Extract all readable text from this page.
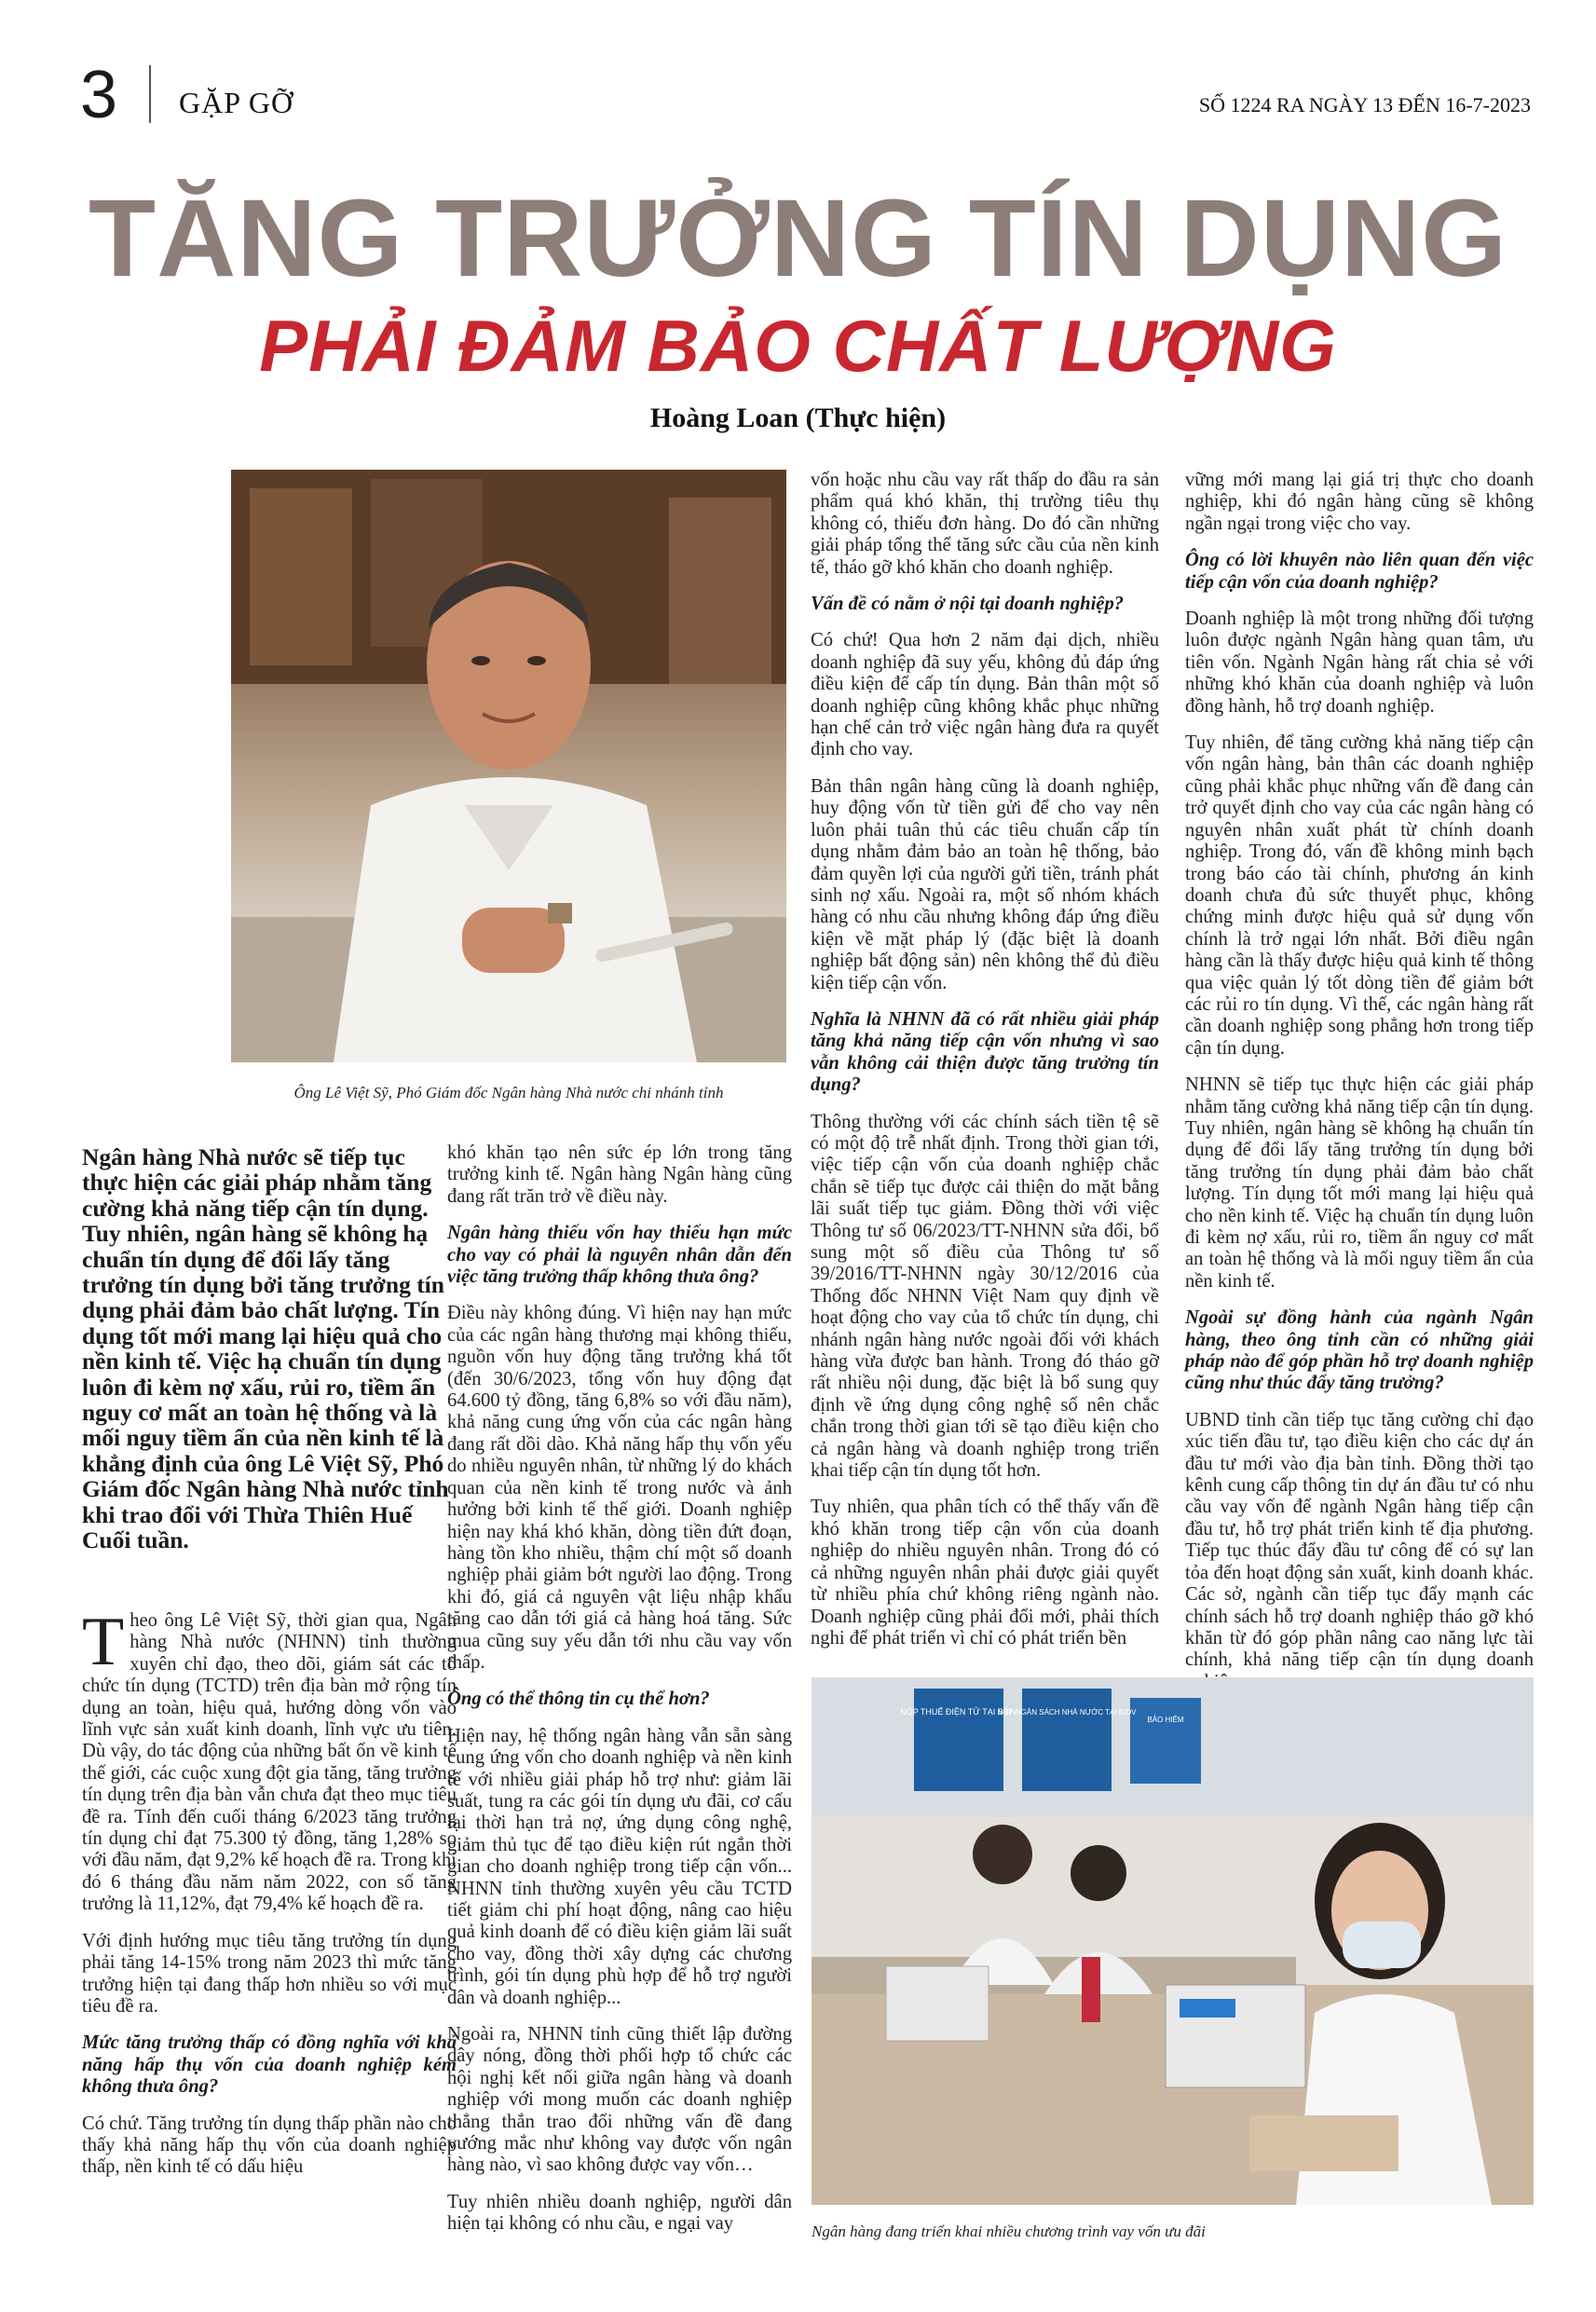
3 GẶP GỠ	SỐ 1224 RA NGÀY 13 ĐẾN 16-7-2023
TĂNG TRƯỞNG TÍN DỤNG
PHẢI ĐẢM BẢO CHẤT LƯỢNG
Hoàng Loan (Thực hiện)
Ông Lê Việt Sỹ, Phó Giám đốc Ngân hàng Nhà nước chi nhánh tỉnh
Ngân hàng Nhà nước sẽ tiếp tục thực hiện các giải pháp nhằm tăng cường khả năng tiếp cận tín dụng. Tuy nhiên, ngân hàng sẽ không hạ chuẩn tín dụng để đổi lấy tăng trưởng tín dụng bởi tăng trưởng tín dụng phải đảm bảo chất lượng. Tín dụng tốt mới mang lại hiệu quả cho nền kinh tế. Việc hạ chuẩn tín dụng luôn đi kèm nợ xấu, rủi ro, tiềm ẩn nguy cơ mất an toàn hệ thống và là mối nguy tiềm ẩn của nền kinh tế là khẳng định của ông Lê Việt Sỹ, Phó Giám đốc Ngân hàng Nhà nước tỉnh khi trao đổi với Thừa Thiên Huế Cuối tuần.

Theo ông Lê Việt Sỹ, thời gian qua, Ngân hàng Nhà nước (NHNN) tỉnh thường xuyên chỉ đạo, theo dõi, giám sát các tổ chức tín dụng (TCTD) trên địa bàn mở rộng tín dụng an toàn, hiệu quả, hướng dòng vốn vào lĩnh vực sản xuất kinh doanh, lĩnh vực ưu tiên. Dù vậy, do tác động của những bất ổn về kinh tế thế giới, các cuộc xung đột gia tăng, tăng trưởng tín dụng trên địa bàn vẫn chưa đạt theo mục tiêu đề ra. Tính đến cuối tháng 6/2023 tăng trưởng tín dụng chỉ đạt 75.300 tỷ đồng, tăng 1,28% so với đầu năm, đạt 9,2% kế hoạch đề ra. Trong khi đó 6 tháng đầu năm năm 2022, con số tăng trưởng là 11,12%, đạt 79,4% kế hoạch đề ra.

Với định hướng mục tiêu tăng trưởng tín dụng phải tăng 14-15% trong năm 2023 thì mức tăng trưởng hiện tại đang thấp hơn nhiều so với mục tiêu đề ra.

Mức tăng trưởng thấp có đồng nghĩa với khả năng hấp thụ vốn của doanh nghiệp kém không thưa ông?

Có chứ. Tăng trưởng tín dụng thấp phần nào cho thấy khả năng hấp thụ vốn của doanh nghiệp thấp, nền kinh tế có dấu hiệu

khó khăn tạo nên sức ép lớn trong tăng trưởng kinh tế. Ngân hàng Ngân hàng cũng đang rất trăn trở về điều này.

Ngân hàng thiếu vốn hay thiếu hạn mức cho vay có phải là nguyên nhân dẫn đến việc tăng trưởng thấp không thưa ông?

Điều này không đúng. Vì hiện nay hạn mức của các ngân hàng thương mại không thiếu, nguồn vốn huy động tăng trưởng khá tốt (đến 30/6/2023, tổng vốn huy động đạt 64.600 tỷ đồng, tăng 6,8% so với đầu năm), khả năng cung ứng vốn của các ngân hàng đang rất dồi dào. Khả năng hấp thụ vốn yếu do nhiều nguyên nhân, từ những lý do khách quan của nền kinh tế trong nước và ảnh hưởng bởi kinh tế thế giới. Doanh nghiệp hiện nay khá khó khăn, dòng tiền đứt đoạn, hàng tồn kho nhiều, thậm chí một số doanh nghiệp phải giảm bớt người lao động. Trong khi đó, giá cả nguyên vật liệu nhập khẩu tăng cao dẫn tới giá cả hàng hoá tăng. Sức mua cũng suy yếu dẫn tới nhu cầu vay vốn thấp.

Ông có thể thông tin cụ thể hơn?

Hiện nay, hệ thống ngân hàng vẫn sẵn sàng cung ứng vốn cho doanh nghiệp và nền kinh tế với nhiều giải pháp hỗ trợ như: giảm lãi suất, tung ra các gói tín dụng ưu đãi, cơ cấu lại thời hạn trả nợ, ứng dụng công nghệ, giảm thủ tục để tạo điều kiện rút ngắn thời gian cho doanh nghiệp trong tiếp cận vốn... NHNN tỉnh thường xuyên yêu cầu TCTD tiết giảm chi phí hoạt động, nâng cao hiệu quả kinh doanh để có điều kiện giảm lãi suất cho vay, đồng thời xây dựng các chương trình, gói tín dụng phù hợp để hỗ trợ người dân và doanh nghiệp...

Ngoài ra, NHNN tỉnh cũng thiết lập đường dây nóng, đồng thời phối hợp tổ chức các hội nghị kết nối giữa ngân hàng và doanh nghiệp với mong muốn các doanh nghiệp thẳng thắn trao đổi những vấn đề đang vướng mắc như không vay được vốn ngân hàng nào, vì sao không được vay vốn…

Tuy nhiên nhiều doanh nghiệp, người dân hiện tại không có nhu cầu, e ngại vay

vốn hoặc nhu cầu vay rất thấp do đầu ra sản phẩm quá khó khăn, thị trường tiêu thụ không có, thiếu đơn hàng. Do đó cần những giải pháp tổng thể tăng sức cầu của nền kinh tế, tháo gỡ khó khăn cho doanh nghiệp.

Vấn đề có nằm ở nội tại doanh nghiệp?

Có chứ! Qua hơn 2 năm đại dịch, nhiều doanh nghiệp đã suy yếu, không đủ đáp ứng điều kiện để cấp tín dụng. Bản thân một số doanh nghiệp cũng không khắc phục những hạn chế cản trở việc ngân hàng đưa ra quyết định cho vay.

Bản thân ngân hàng cũng là doanh nghiệp, huy động vốn từ tiền gửi để cho vay nên luôn phải tuân thủ các tiêu chuẩn cấp tín dụng nhằm đảm bảo an toàn hệ thống, bảo đảm quyền lợi của người gửi tiền, tránh phát sinh nợ xấu. Ngoài ra, một số nhóm khách hàng có nhu cầu nhưng không đáp ứng điều kiện về mặt pháp lý (đặc biệt là doanh nghiệp bất động sản) nên không thể đủ điều kiện tiếp cận vốn.

Nghĩa là NHNN đã có rất nhiều giải pháp tăng khả năng tiếp cận vốn nhưng vì sao vẫn không cải thiện được tăng trưởng tín dụng?

Thông thường với các chính sách tiền tệ sẽ có một độ trễ nhất định. Trong thời gian tới, việc tiếp cận vốn của doanh nghiệp chắc chắn sẽ tiếp tục được cải thiện do mặt bằng lãi suất tiếp tục giảm. Đồng thời với việc Thông tư số 06/2023/TT-NHNN sửa đổi, bổ sung một số điều của Thông tư số 39/2016/TT-NHNN ngày 30/12/2016 của Thống đốc NHNN Việt Nam quy định về hoạt động cho vay của tổ chức tín dụng, chi nhánh ngân hàng nước ngoài đối với khách hàng vừa được ban hành. Trong đó tháo gỡ rất nhiều nội dung, đặc biệt là bổ sung quy định về ứng dụng công nghệ số nên chắc chắn trong thời gian tới sẽ tạo điều kiện cho cả ngân hàng và doanh nghiệp trong triển khai tiếp cận tín dụng tốt hơn.

Tuy nhiên, qua phân tích có thể thấy vấn đề khó khăn trong tiếp cận vốn của doanh nghiệp do nhiều nguyên nhân. Trong đó có cả những nguyên nhân phải được giải quyết từ nhiều phía chứ không riêng ngành nào. Doanh nghiệp cũng phải đổi mới, phải thích nghi để phát triển vì chỉ có phát triển bền

vững mới mang lại giá trị thực cho doanh nghiệp, khi đó ngân hàng cũng sẽ không ngần ngại trong việc cho vay.

Ông có lời khuyên nào liên quan đến việc tiếp cận vốn của doanh nghiệp?

Doanh nghiệp là một trong những đối tượng luôn được ngành Ngân hàng quan tâm, ưu tiên vốn. Ngành Ngân hàng rất chia sẻ với những khó khăn của doanh nghiệp và luôn đồng hành, hỗ trợ doanh nghiệp.

Tuy nhiên, để tăng cường khả năng tiếp cận vốn ngân hàng, bản thân các doanh nghiệp cũng phải khắc phục những vấn đề đang cản trở quyết định cho vay của các ngân hàng có nguyên nhân xuất phát từ chính doanh nghiệp. Trong đó, vấn đề không minh bạch trong báo cáo tài chính, phương án kinh doanh chưa đủ sức thuyết phục, không chứng minh được hiệu quả sử dụng vốn chính là trở ngại lớn nhất. Bởi điều ngân hàng cần là thấy được hiệu quả kinh tế thông qua việc quản lý tốt dòng tiền để giảm bớt các rủi ro tín dụng. Vì thế, các ngân hàng rất cần doanh nghiệp song phẳng hơn trong tiếp cận tín dụng.

NHNN sẽ tiếp tục thực hiện các giải pháp nhằm tăng cường khả năng tiếp cận tín dụng. Tuy nhiên, ngân hàng sẽ không hạ chuẩn tín dụng để đổi lấy tăng trưởng tín dụng bởi tăng trưởng tín dụng phải đảm bảo chất lượng. Tín dụng tốt mới mang lại hiệu quả cho nền kinh tế. Việc hạ chuẩn tín dụng luôn đi kèm nợ xấu, rủi ro, tiềm ẩn nguy cơ mất an toàn hệ thống và là mối nguy tiềm ẩn của nền kinh tế.

Ngoài sự đồng hành của ngành Ngân hàng, theo ông tỉnh cần có những giải pháp nào để góp phần hỗ trợ doanh nghiệp cũng như thúc đẩy tăng trưởng?

UBND tỉnh cần tiếp tục tăng cường chỉ đạo xúc tiến đầu tư, tạo điều kiện cho các dự án đầu tư mới vào địa bàn tỉnh. Đồng thời tạo kênh cung cấp thông tin dự án đầu tư có nhu cầu vay vốn để ngành Ngân hàng tiếp cận đầu tư, hỗ trợ phát triển kinh tế địa phương. Tiếp tục thúc đẩy đầu tư công để có sự lan tỏa đến hoạt động sản xuất, kinh doanh khác. Các sở, ngành cần tiếp tục đẩy mạnh các chính sách hỗ trợ doanh nghiệp tháo gỡ khó khăn từ đó góp phần nâng cao năng lực tài chính, khả năng tiếp cận tín dụng doanh

NỘP THUẾ ĐIỆN TỬ TẠI BIDV
NỘP NGÂN SÁCH NHÀ NƯỚC TẠI BIDV
BẢO HIỂM
Ngân hàng đang triển khai nhiều chương trình vay vốn ưu đãi
